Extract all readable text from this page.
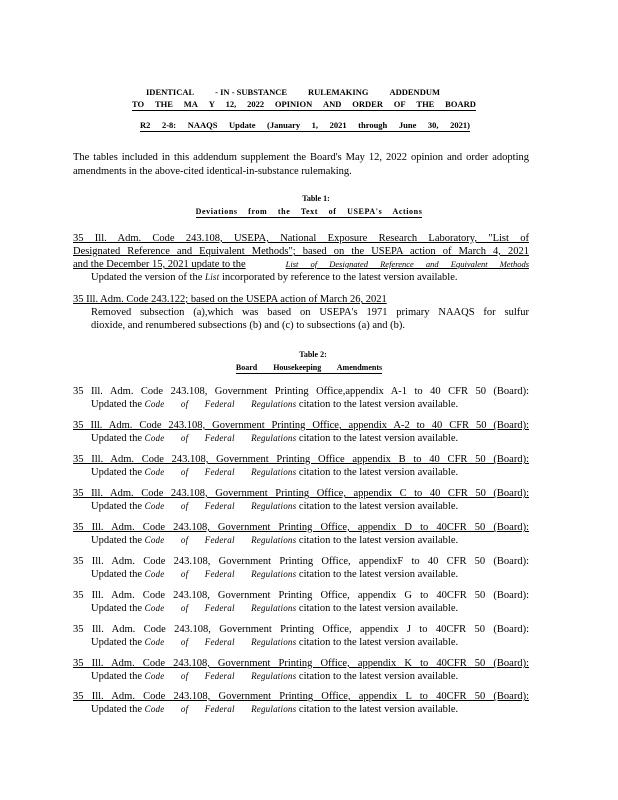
IDENTICAL - IN - SUBSTANCE RULEMAKING ADDENDUM
TO THE MA Y 12, 2022 OPINION AND ORDER OF THE BOARD
R2 2-8: NAAQS Update (January 1, 2021 through June 30, 2021)
The tables included in this addendum supplement the Board's May 12, 2022 opinion and order adopting amendments in the above-cited identical-in-substance rulemaking.
Table 1:
Deviations from the Text of USEPA's Actions
35 Ill. Adm. Code 243.108, USEPA, National Exposure Research Laboratory, "List of
Designated Reference and Equivalent Methods"; based on the USEPA action of March 4, 2021
and the December 15, 2021 update to the	List of Designated Reference and Equivalent Methods
Updated the version of the List incorporated by reference to the latest version available.
35 Ill. Adm. Code 243.122; based on the USEPA action of March 26, 2021
Removed subsection (a),which was based on USEPA's 1971 primary NAAQS for sulfur
dioxide, and renumbered subsections (b) and (c) to subsections (a) and (b).
Table 2:
Board Housekeeping Amendments
35 Ill. Adm. Code 243.108, Government Printing Office,appendix A-1 to 40 CFR 50 (Board):
Updated the Code of Federal Regulations citation to the latest version available.
35 Ill. Adm. Code 243.108, Government Printing Office, appendix A-2 to 40 CFR 50 (Board):
Updated the Code of Federal Regulations citation to the latest version available.
35 Ill. Adm. Code 243.108, Government Printing Office appendix B to 40 CFR 50 (Board):
Updated the Code of Federal Regulations citation to the latest version available.
35 Ill. Adm. Code 243.108, Government Printing Office, appendix C to 40 CFR 50 (Board):
Updated the Code of Federal Regulations citation to the latest version available.
35 Ill. Adm. Code 243.108, Government Printing Office, appendix D to 40CFR 50 (Board):
Updated the Code of Federal Regulations citation to the latest version available.
35 Ill. Adm. Code 243.108, Government Printing Office, appendixF to 40 CFR 50 (Board):
Updated the Code of Federal Regulations citation to the latest version available.
35 Ill. Adm. Code 243.108, Government Printing Office, appendix G to 40CFR 50 (Board):
Updated the Code of Federal Regulations citation to the latest version available.
35 Ill. Adm. Code 243.108, Government Printing Office, appendix J to 40CFR 50 (Board):
Updated the Code of Federal Regulations citation to the latest version available.
35 Ill. Adm. Code 243.108, Government Printing Office, appendix K to 40CFR 50 (Board):
Updated the Code of Federal Regulations citation to the latest version available.
35 Ill. Adm. Code 243.108, Government Printing Office, appendix L to 40CFR 50 (Board):
Updated the Code of Federal Regulations citation to the latest version available.
